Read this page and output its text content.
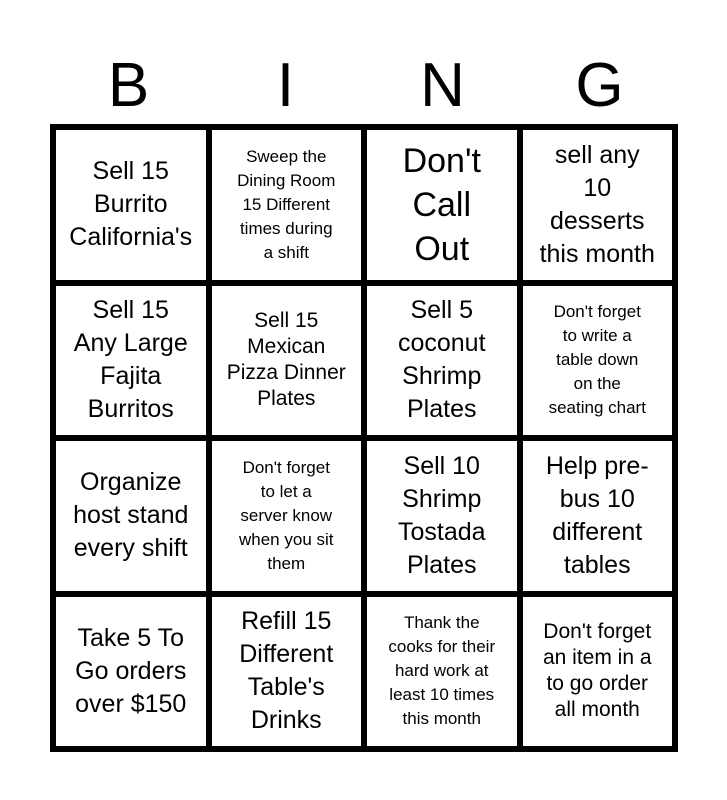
B	I	N	G
Sell 15
Burrito
California's
Sweep the
Dining Room
15 Different
times during
a shift
Don't
Call
Out
sell any
10
desserts
this month
Sell 15
Any Large
Fajita
Burritos
Sell 15
Mexican
Pizza Dinner
Plates
Sell 5
coconut
Shrimp
Plates
Don't forget
to write a
table down
on the
seating chart
Organize
host stand
every shift
Don't forget
to let a
server know
when you sit
them
Sell 10
Shrimp
Tostada
Plates
Help pre-
bus 10
different
tables
Take 5 To
Go orders
over $150
Refill 15
Different
Table's
Drinks
Thank the
cooks for their
hard work at
least 10 times
this month
Don't forget
an item in a
to go order
all month
